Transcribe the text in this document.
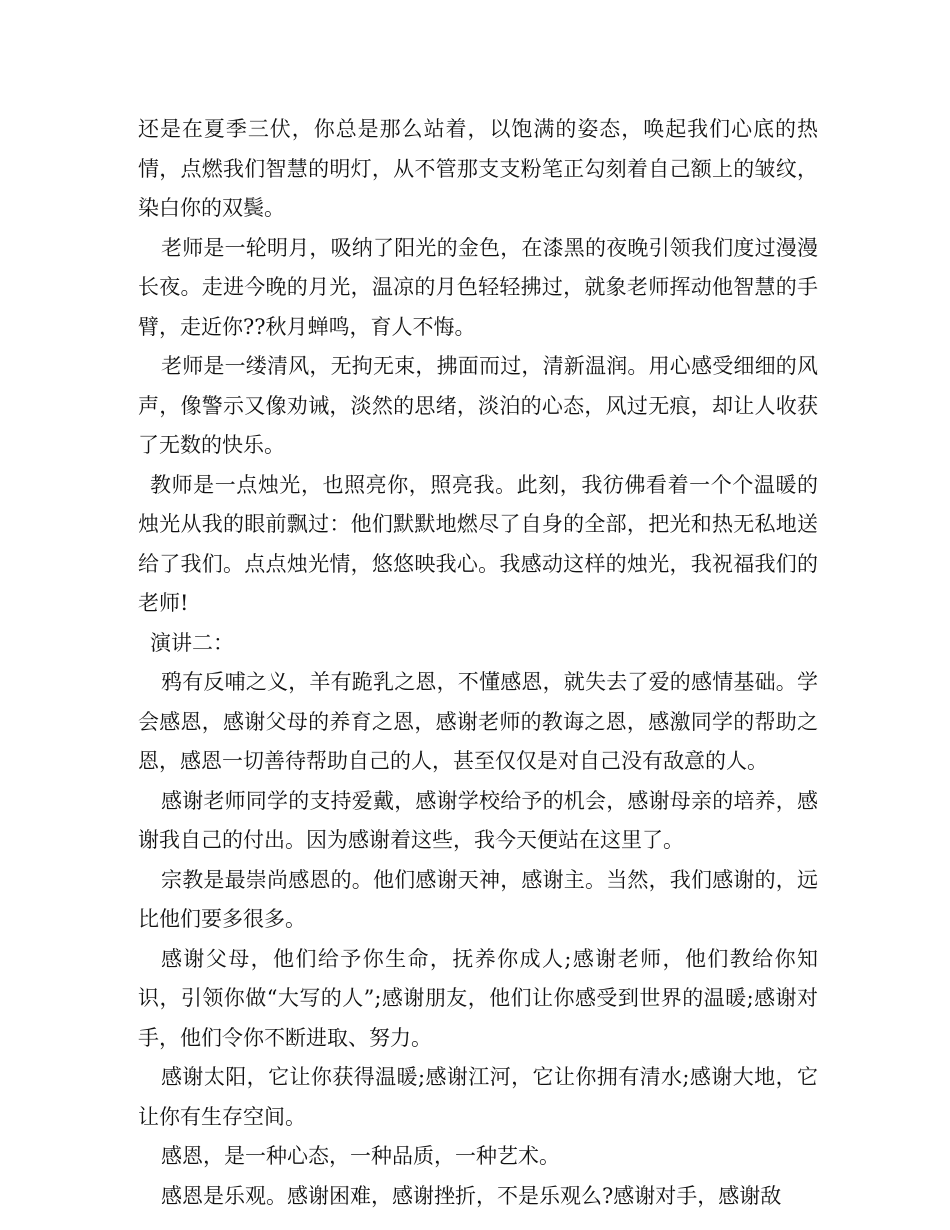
还是在夏季三伏，你总是那么站着，以饱满的姿态，唤起我们心底的热情，点燃我们智慧的明灯，从不管那支支粉笔正勾刻着自己额上的皱纹，染白你的双鬓。

老师是一轮明月，吸纳了阳光的金色，在漆黑的夜晚引领我们度过漫漫长夜。走进今晚的月光，温凉的月色轻轻拂过，就象老师挥动他智慧的手臂，走近你??秋月蝉鸣，育人不悔。

老师是一缕清风，无拘无束，拂面而过，清新温润。用心感受细细的风声，像警示又像劝诫，淡然的思绪，淡泊的心态，风过无痕，却让人收获了无数的快乐。

教师是一点烛光，也照亮你，照亮我。此刻，我彷佛看着一个个温暖的烛光从我的眼前飘过：他们默默地燃尽了自身的全部，把光和热无私地送给了我们。点点烛光情，悠悠映我心。我感动这样的烛光，我祝福我们的老师!

演讲二：

鸦有反哺之义，羊有跪乳之恩，不懂感恩，就失去了爱的感情基础。学会感恩，感谢父母的养育之恩，感谢老师的教诲之恩，感激同学的帮助之恩，感恩一切善待帮助自己的人，甚至仅仅是对自己没有敌意的人。

感谢老师同学的支持爱戴，感谢学校给予的机会，感谢母亲的培养，感谢我自己的付出。因为感谢着这些，我今天便站在这里了。

宗教是最崇尚感恩的。他们感谢天神，感谢主。当然，我们感谢的，远比他们要多很多。

感谢父母，他们给予你生命，抚养你成人;感谢老师，他们教给你知识，引领你做“大写的人”;感谢朋友，他们让你感受到世界的温暖;感谢对手，他们令你不断进取、努力。

感谢太阳，它让你获得温暖;感谢江河，它让你拥有清水;感谢大地，它让你有生存空间。

感恩，是一种心态，一种品质，一种艺术。

感恩是乐观。感谢困难，感谢挫折，不是乐观么?感谢对手，感谢敌
